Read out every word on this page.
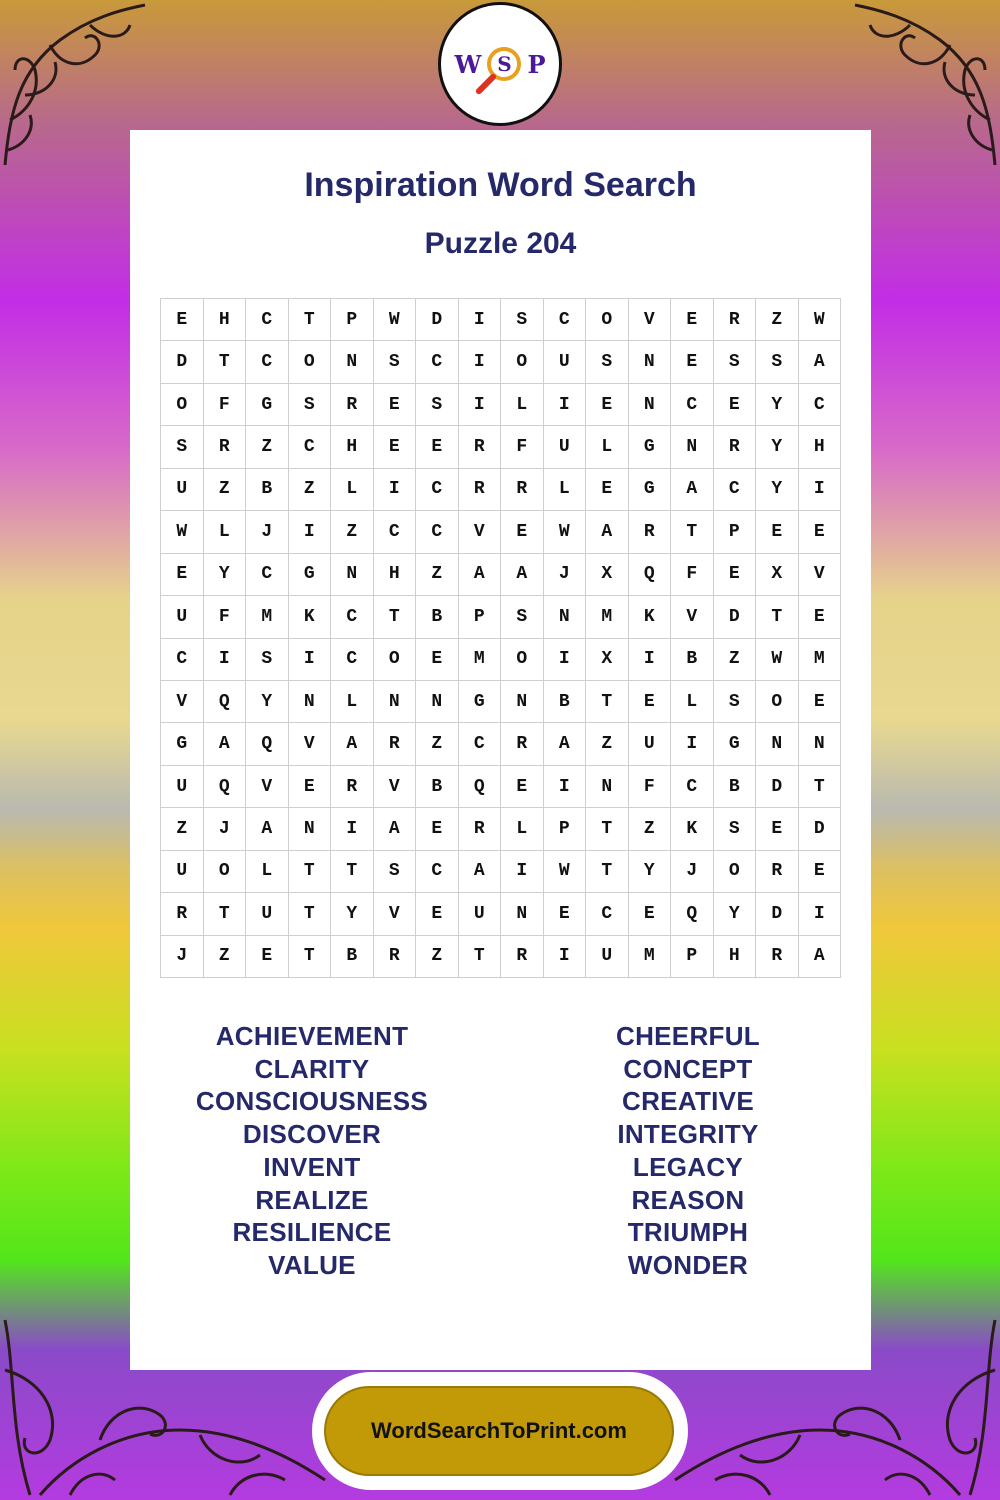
W S P
Inspiration Word Search
Puzzle 204
E	H	C	T	P	W	D	I	S	C	O	V	E	R	Z	W
D	T	C	O	N	S	C	I	O	U	S	N	E	S	S	A
O	F	G	S	R	E	S	I	L	I	E	N	C	E	Y	C
S	R	Z	C	H	E	E	R	F	U	L	G	N	R	Y	H
U	Z	B	Z	L	I	C	R	R	L	E	G	A	C	Y	I
W	L	J	I	Z	C	C	V	E	W	A	R	T	P	E	E
E	Y	C	G	N	H	Z	A	A	J	X	Q	F	E	X	V
U	F	M	K	C	T	B	P	S	N	M	K	V	D	T	E
C	I	S	I	C	O	E	M	O	I	X	I	B	Z	W	M
V	Q	Y	N	L	N	N	G	N	B	T	E	L	S	O	E
G	A	Q	V	A	R	Z	C	R	A	Z	U	I	G	N	N
U	Q	V	E	R	V	B	Q	E	I	N	F	C	B	D	T
Z	J	A	N	I	A	E	R	L	P	T	Z	K	S	E	D
U	O	L	T	T	S	C	A	I	W	T	Y	J	O	R	E
R	T	U	T	Y	V	E	U	N	E	C	E	Q	Y	D	I
J	Z	E	T	B	R	Z	T	R	I	U	M	P	H	R	A
ACHIEVEMENT
CLARITY
CONSCIOUSNESS
DISCOVER
INVENT
REALIZE
RESILIENCE
VALUE
CHEERFUL
CONCEPT
CREATIVE
INTEGRITY
LEGACY
REASON
TRIUMPH
WONDER
WordSearchToPrint.com
